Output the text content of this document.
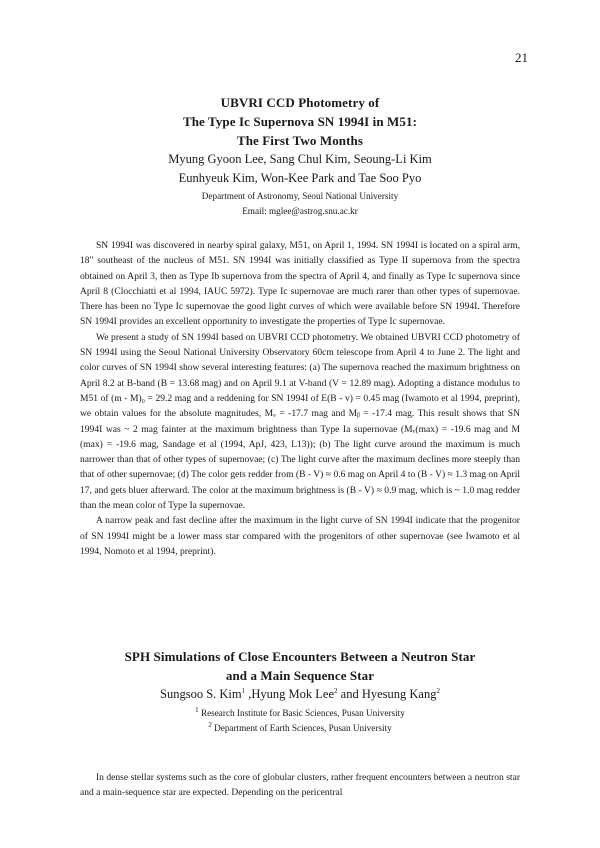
21
UBVRI CCD Photometry of
The Type Ic Supernova SN 1994I in M51:
The First Two Months
Myung Gyoon Lee, Sang Chul Kim, Seoung-Li Kim
Eunhyeuk Kim, Won-Kee Park and Tae Soo Pyo
Department of Astronomy, Seoul National University
Email: mglee@astrog.snu.ac.kr

SN 1994I was discovered in nearby spiral galaxy, M51, on April 1, 1994. SN 1994I is located on a spiral arm, 18" southeast of the nucleus of M51. SN 1994I was initially classified as Type II supernova from the spectra obtained on April 3, then as Type Ib supernova from the spectra of April 4, and finally as Type Ic supernova since April 8 (Clocchiatti et al 1994, IAUC 5972). Type Ic supernovae are much rarer than other types of supernovae. There has been no Type Ic supernovae the good light curves of which were available before SN 1994I. Therefore SN 1994I provides an excellent opportunity to investigate the properties of Type Ic supernovae.

We present a study of SN 1994I based on UBVRI CCD photometry. We obtained UBVRI CCD photometry of SN 1994I using the Seoul National University Observatory 60cm telescope from April 4 to June 2. The light and color curves of SN 1994I show several interesting features: (a) The supernova reached the maximum brightness on April 8.2 at B-band (B = 13.68 mag) and on April 9.1 at V-band (V = 12.89 mag). Adopting a distance modulus to M51 of (m - M)₀ = 29.2 mag and a reddening for SN 1994I of E(B - v) = 0.45 mag (Iwamoto et al 1994, preprint), we obtain values for the absolute magnitudes, Mᵥ = -17.7 mag and Mᵦ = -17.4 mag. This result shows that SN 1994I was ~ 2 mag fainter at the maximum brightness than Type Ia supernovae (Mᵥ(max) = -19.6 mag and M (max) = -19.6 mag, Sandage et al (1994, ApJ, 423, L13)); (b) The light curve around the maximum is much narrower than that of other types of supernovae; (c) The light curve after the maximum declines more steeply than that of other supernovae; (d) The color gets redder from (B - V) ≈ 0.6 mag on April 4 to (B - V) ≈ 1.3 mag on April 17, and gets bluer afterward. The color at the maximum brightness is (B - V) ≈ 0.9 mag, which is ~ 1.0 mag redder than the mean color of Type Ia supernovae.

A narrow peak and fast decline after the maximum in the light curve of SN 1994I indicate that the progenitor of SN 1994I might be a lower mass star compared with the progenitors of other supernovae (see Iwamoto et al 1994, Nomoto et al 1994, preprint).

SPH Simulations of Close Encounters Between a Neutron Star
and a Main Sequence Star
Sungsoo S. Kim$^1$ ,Hyung Mok Lee$^2$ and Hyesung Kang$^2$
$^1$ Research Institute for Basic Sciences, Pusan University
$^2$ Department of Earth Sciences, Pusan University

In dense stellar systems such as the core of globular clusters, rather frequent encounters between a neutron star and a main-sequence star are expected. Depending on the pericentral
